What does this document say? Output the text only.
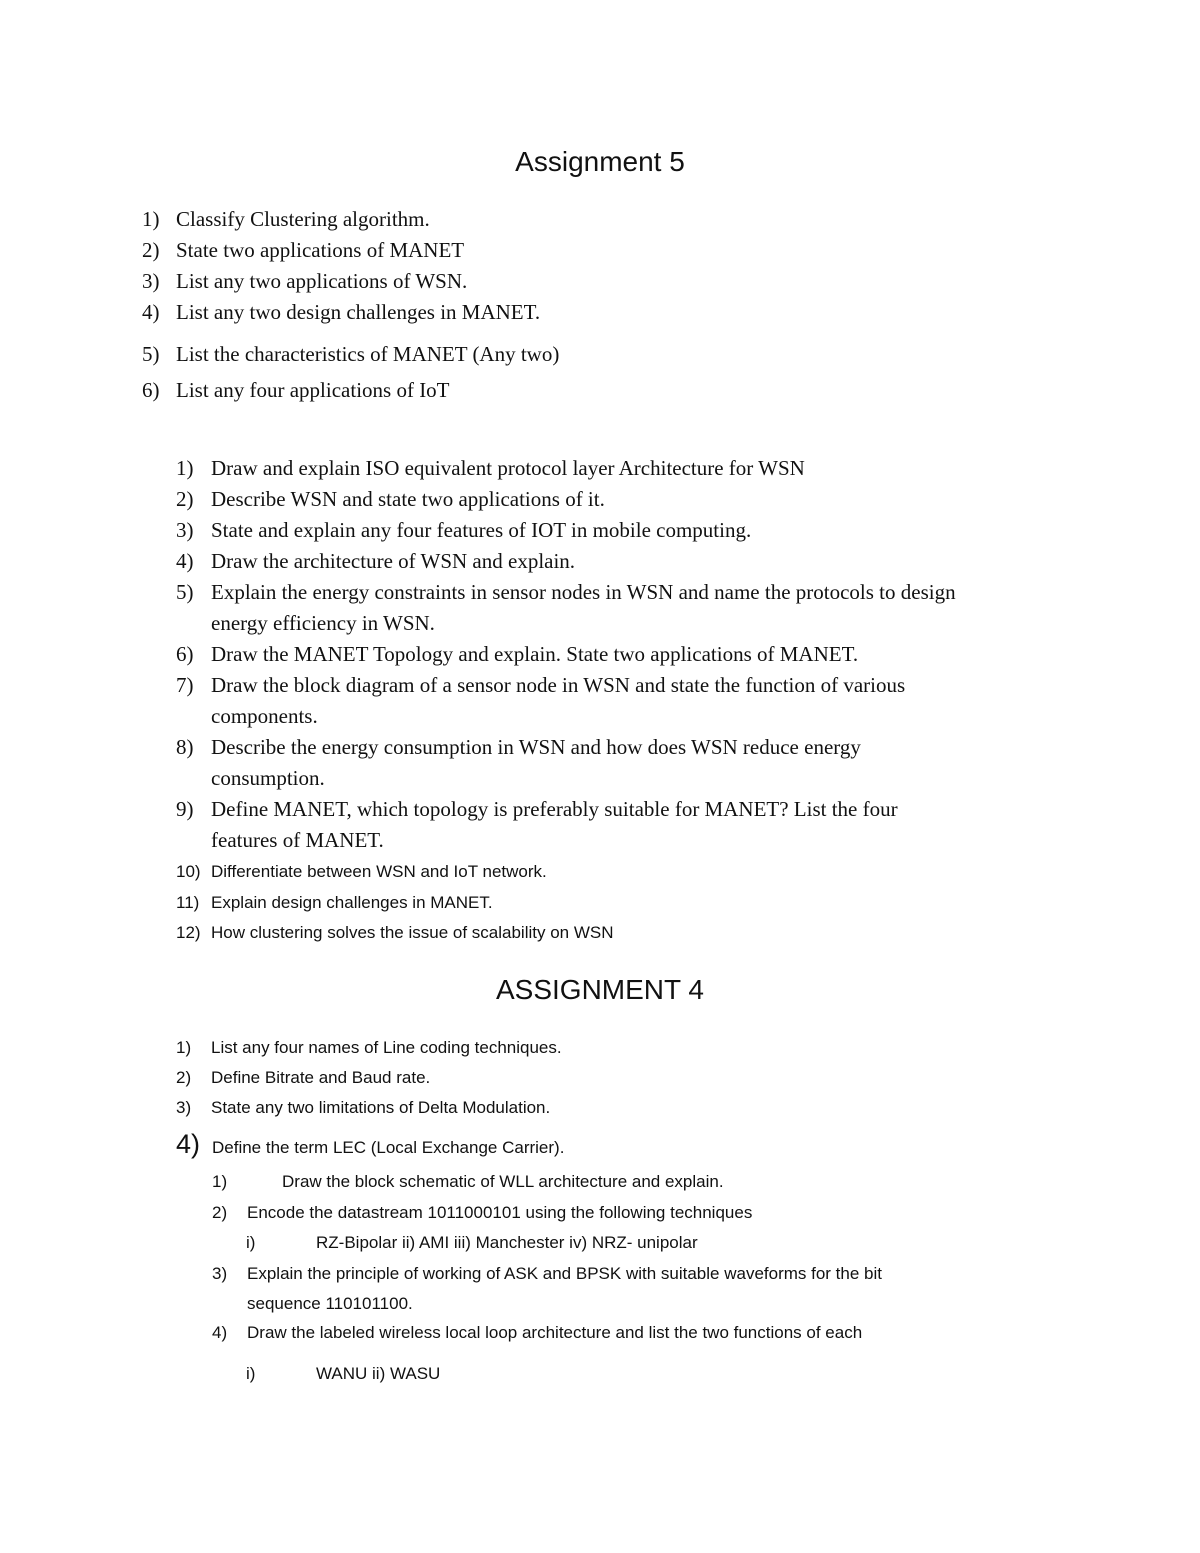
Assignment 5
1) Classify Clustering algorithm.
2) State two applications of MANET
3) List any two applications of WSN.
4) List any two design challenges in MANET.
5) List the characteristics of MANET (Any two)
6) List any four applications of IoT
1) Draw and explain ISO equivalent protocol layer Architecture for WSN
2) Describe WSN and state two applications of it.
3) State and explain any four features of IOT in mobile computing.
4) Draw the architecture of WSN and explain.
5) Explain the energy constraints in sensor nodes in WSN and name the protocols to design
energy efficiency in WSN.
6) Draw the MANET Topology and explain. State two applications of MANET.
7) Draw the block diagram of a sensor node in WSN and state the function of various
components.
8) Describe the energy consumption in WSN and how does WSN reduce energy
consumption.
9) Define MANET, which topology is preferably suitable for MANET? List the four
features of MANET.
10) Differentiate between WSN and IoT network.
11) Explain design challenges in MANET.
12) How clustering solves the issue of scalability on WSN
ASSIGNMENT 4
1) List any four names of Line coding techniques.
2) Define Bitrate and Baud rate.
3) State any two limitations of Delta Modulation.
4) Define the term LEC (Local Exchange Carrier).
1)	Draw the block schematic of WLL architecture and explain.
2) Encode the datastream 1011000101 using the following techniques
i)	RZ-Bipolar ii) AMI iii) Manchester iv) NRZ- unipolar
3) Explain the principle of working of ASK and BPSK with suitable waveforms for the bit
sequence 110101100.
4) Draw the labeled wireless local loop architecture and list the two functions of each
i)	WANU ii) WASU
